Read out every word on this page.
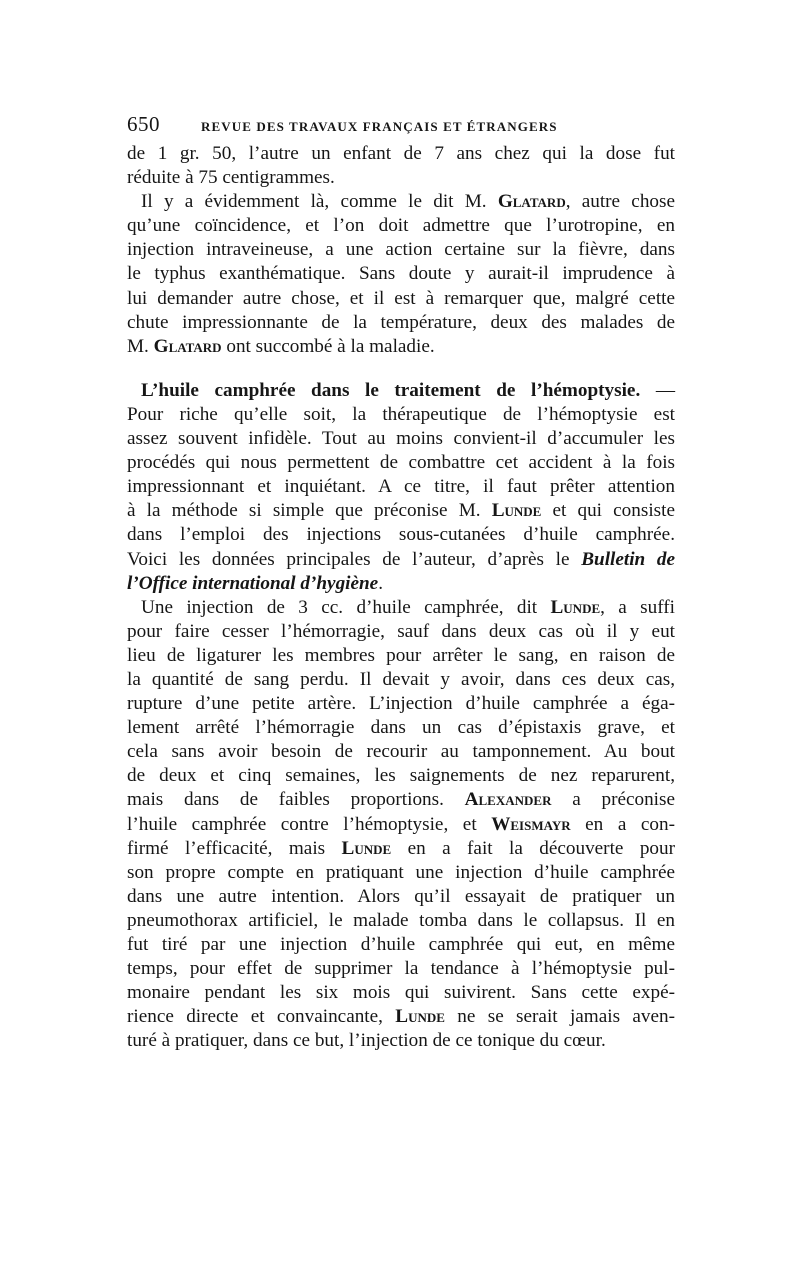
650	REVUE DES TRAVAUX FRANÇAIS ET ÉTRANGERS
de 1 gr. 50, l’autre un enfant de 7 ans chez qui la dose fut
réduite à 75 centigrammes.
Il y a évidemment là, comme le dit M. Glatard, autre chose
qu’une coïncidence, et l’on doit admettre que l’urotropine, en
injection intraveineuse, a une action certaine sur la fièvre, dans
le typhus exanthématique. Sans doute y aurait-il imprudence à
lui demander autre chose, et il est à remarquer que, malgré cette
chute impressionnante de la température, deux des malades de
M. Glatard ont succombé à la maladie.
L’huile camphrée dans le traitement de l’hémoptysie. —
Pour riche qu’elle soit, la thérapeutique de l’hémoptysie est
assez souvent infidèle. Tout au moins convient-il d’accumuler les
procédés qui nous permettent de combattre cet accident à la fois
impressionnant et inquiétant. A ce titre, il faut prêter attention
à la méthode si simple que préconise M. Lunde et qui consiste
dans l’emploi des injections sous-cutanées d’huile camphrée.
Voici les données principales de l’auteur, d’après le Bulletin de
l’Office international d’hygiène.
Une injection de 3 cc. d’huile camphrée, dit Lunde, a suffi
pour faire cesser l’hémorragie, sauf dans deux cas où il y eut
lieu de ligaturer les membres pour arrêter le sang, en raison de
la quantité de sang perdu. Il devait y avoir, dans ces deux cas,
rupture d’une petite artère. L’injection d’huile camphrée a éga-
lement arrêté l’hémorragie dans un cas d’épistaxis grave, et
cela sans avoir besoin de recourir au tamponnement. Au bout
de deux et cinq semaines, les saignements de nez reparurent,
mais dans de faibles proportions. Alexander a préconise
l’huile camphrée contre l’hémoptysie, et Weismayr en a con-
firmé l’efficacité, mais Lunde en a fait la découverte pour
son propre compte en pratiquant une injection d’huile camphrée
dans une autre intention. Alors qu’il essayait de pratiquer un
pneumothorax artificiel, le malade tomba dans le collapsus. Il en
fut tiré par une injection d’huile camphrée qui eut, en même
temps, pour effet de supprimer la tendance à l’hémoptysie pul-
monaire pendant les six mois qui suivirent. Sans cette expé-
rience directe et convaincante, Lunde ne se serait jamais aven-
turé à pratiquer, dans ce but, l’injection de ce tonique du cœur.
